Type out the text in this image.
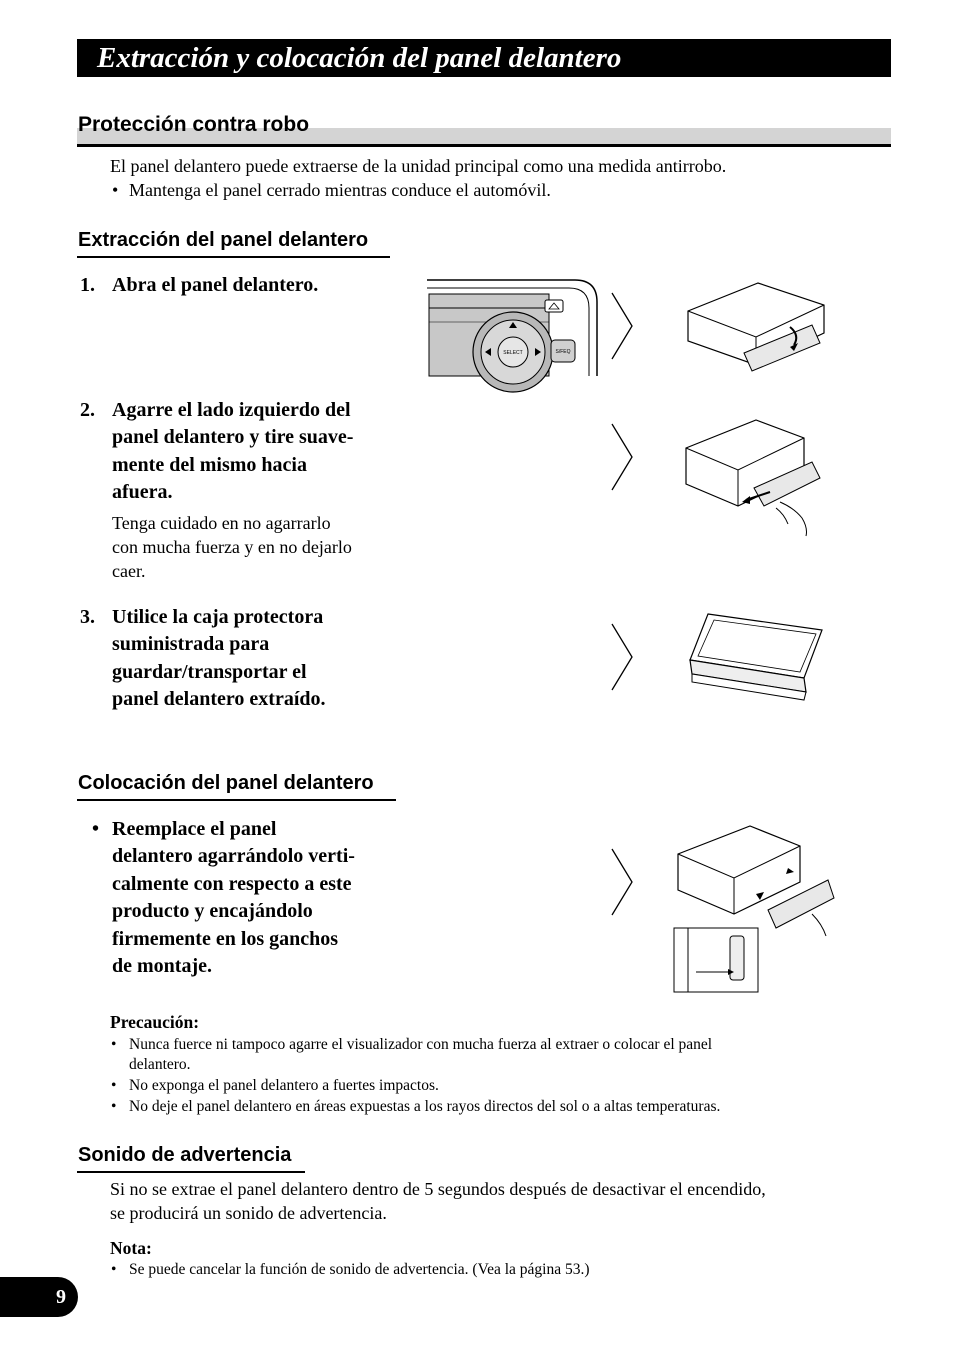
Extracción y colocación del panel delantero
Protección contra robo
El panel delantero puede extraerse de la unidad principal como una medida antirrobo.
• Mantenga el panel cerrado mientras conduce el automóvil.
Extracción del panel delantero
1. Abra el panel delantero.
2. Agarre el lado izquierdo del
panel delantero y tire suave-
mente del mismo hacia
afuera.
Tenga cuidado en no agarrarlo
con mucha fuerza y en no dejarlo
caer.
3. Utilice la caja protectora
suministrada para
guardar/transportar el
panel delantero extraído.
SELECT	S/FEQ
Colocación del panel delantero
• Reemplace el panel
delantero agarrándolo verti-
calmente con respecto a este
producto y encajándolo
firmemente en los ganchos
de montaje.
Precaución:
• Nunca fuerce ni tampoco agarre el visualizador con mucha fuerza al extraer o colocar el panel
delantero.
• No exponga el panel delantero a fuertes impactos.
• No deje el panel delantero en áreas expuestas a los rayos directos del sol o a altas temperaturas.
Sonido de advertencia
Si no se extrae el panel delantero dentro de 5 segundos después de desactivar el encendido,
se producirá un sonido de advertencia.
Nota:
• Se puede cancelar la función de sonido de advertencia. (Vea la página 53.)
9
